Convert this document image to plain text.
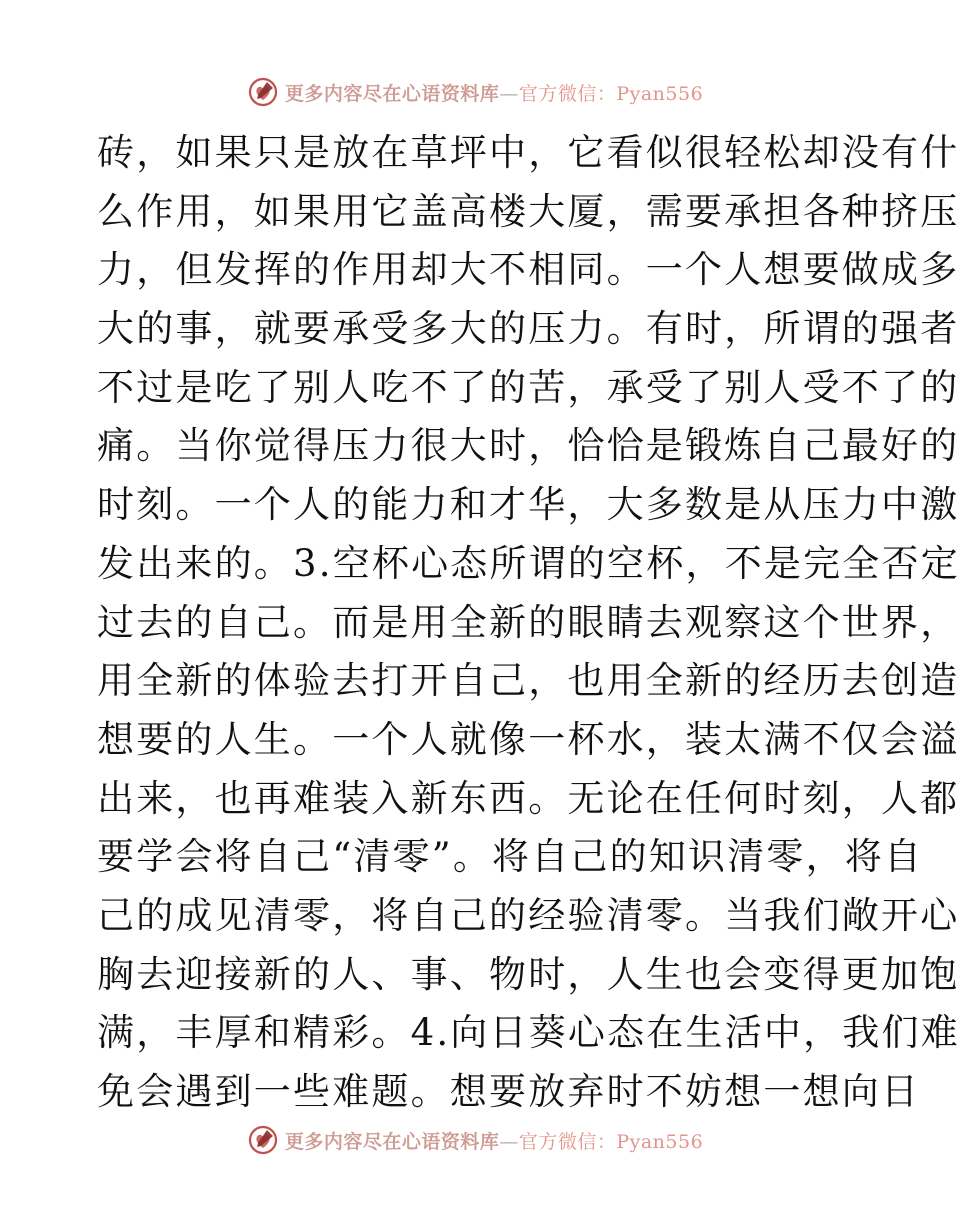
更多内容尽在心语资料库—官方微信：Pyan556
砖，如果只是放在草坪中，它看似很轻松却没有什
么作用，如果用它盖高楼大厦，需要承担各种挤压
力，但发挥的作用却大不相同。一个人想要做成多
大的事，就要承受多大的压力。有时，所谓的强者
不过是吃了别人吃不了的苦，承受了别人受不了的
痛。当你觉得压力很大时，恰恰是锻炼自己最好的
时刻。一个人的能力和才华，大多数是从压力中激
发出来的。3.空杯心态所谓的空杯，不是完全否定
过去的自己。而是用全新的眼睛去观察这个世界，
用全新的体验去打开自己，也用全新的经历去创造
想要的人生。一个人就像一杯水，装太满不仅会溢
出来，也再难装入新东西。无论在任何时刻，人都
要学会将自己“清零”。将自己的知识清零，将自
己的成见清零，将自己的经验清零。当我们敞开心
胸去迎接新的人、事、物时，人生也会变得更加饱
满，丰厚和精彩。4.向日葵心态在生活中，我们难
免会遇到一些难题。想要放弃时不妨想一想向日
更多内容尽在心语资料库—官方微信：Pyan556
